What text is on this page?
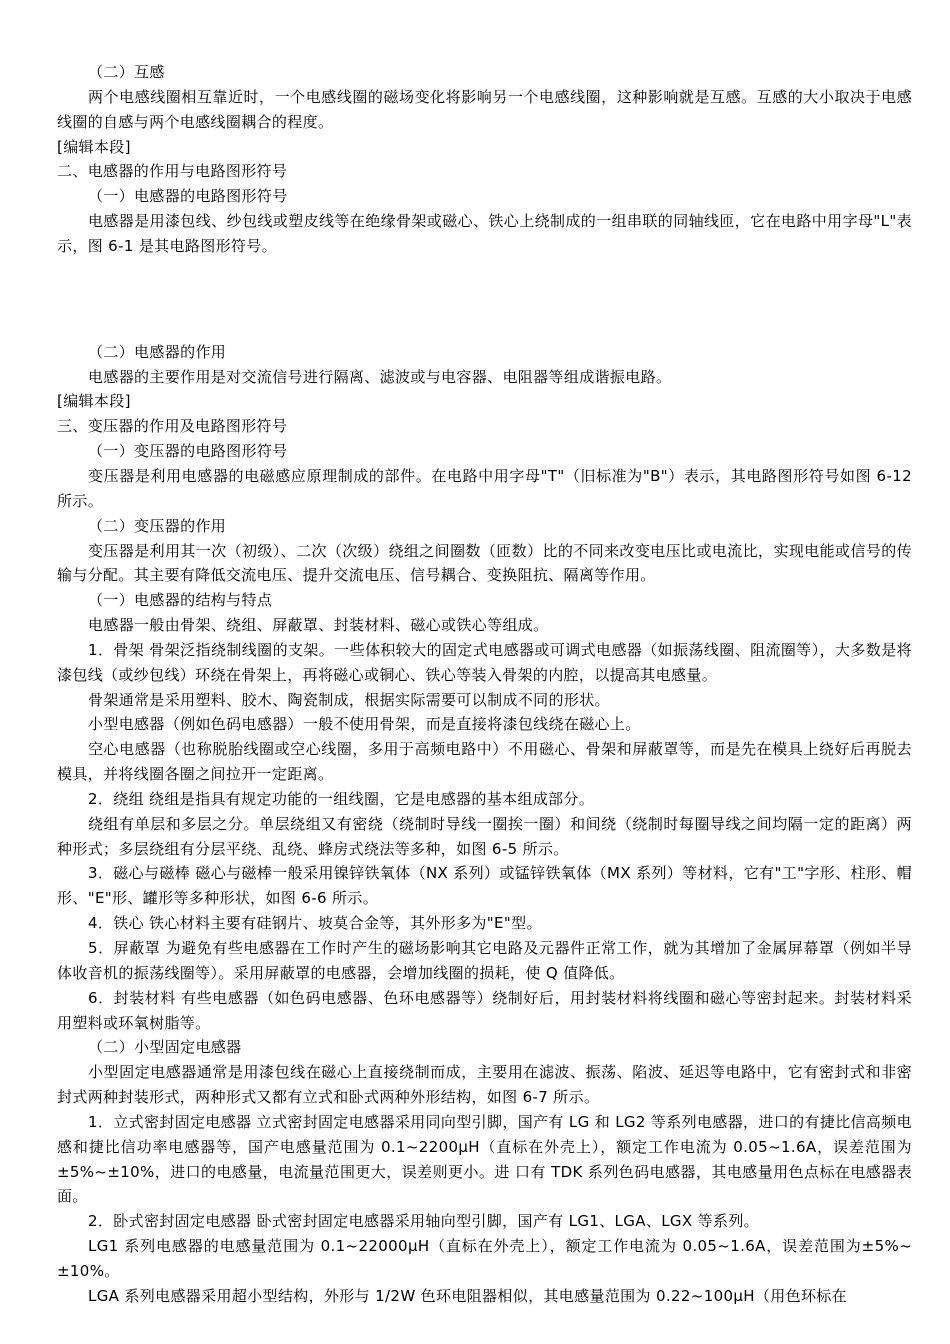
（二）互感

两个电感线圈相互靠近时，一个电感线圈的磁场变化将影响另一个电感线圈，这种影响就是互感。互感的大小取决于电感线圈的自感与两个电感线圈耦合的程度。

[编辑本段]

二、电感器的作用与电路图形符号

（一）电感器的电路图形符号

电感器是用漆包线、纱包线或塑皮线等在绝缘骨架或磁心、铁心上绕制成的一组串联的同轴线匝，它在电路中用字母"L"表示，图 6-1 是其电路图形符号。

（二）电感器的作用

电感器的主要作用是对交流信号进行隔离、滤波或与电容器、电阻器等组成谐振电路。

[编辑本段]

三、变压器的作用及电路图形符号

（一）变压器的电路图形符号

变压器是利用电感器的电磁感应原理制成的部件。在电路中用字母"T"（旧标准为"B"）表示，其电路图形符号如图 6-12 所示。

（二）变压器的作用

变压器是利用其一次（初级）、二次（次级）绕组之间圈数（匝数）比的不同来改变电压比或电流比，实现电能或信号的传输与分配。其主要有降低交流电压、提升交流电压、信号耦合、变换阻抗、隔离等作用。

（一）电感器的结构与特点

电感器一般由骨架、绕组、屏蔽罩、封装材料、磁心或铁心等组成。

1．骨架 骨架泛指绕制线圈的支架。一些体积较大的固定式电感器或可调式电感器（如振荡线圈、阻流圈等），大多数是将漆包线（或纱包线）环绕在骨架上，再将磁心或铜心、铁心等装入骨架的内腔，以提高其电感量。

骨架通常是采用塑料、胶木、陶瓷制成，根据实际需要可以制成不同的形状。

小型电感器（例如色码电感器）一般不使用骨架，而是直接将漆包线绕在磁心上。

空心电感器（也称脱胎线圈或空心线圈，多用于高频电路中）不用磁心、骨架和屏蔽罩等，而是先在模具上绕好后再脱去模具，并将线圈各圈之间拉开一定距离。

2．绕组 绕组是指具有规定功能的一组线圈，它是电感器的基本组成部分。

绕组有单层和多层之分。单层绕组又有密绕（绕制时导线一圈挨一圈）和间绕（绕制时每圈导线之间均隔一定的距离）两种形式；多层绕组有分层平绕、乱绕、蜂房式绕法等多种，如图 6-5 所示。

3．磁心与磁棒 磁心与磁棒一般采用镍锌铁氧体（NX 系列）或锰锌铁氧体（MX 系列）等材料，它有"工"字形、柱形、帽形、"E"形、罐形等多种形状，如图 6-6 所示。

4．铁心 铁心材料主要有硅钢片、坡莫合金等，其外形多为"E"型。

5．屏蔽罩 为避免有些电感器在工作时产生的磁场影响其它电路及元器件正常工作，就为其增加了金属屏幕罩（例如半导体收音机的振荡线圈等）。采用屏蔽罩的电感器，会增加线圈的损耗，使 Q 值降低。

6．封装材料 有些电感器（如色码电感器、色环电感器等）绕制好后，用封装材料将线圈和磁心等密封起来。封装材料采用塑料或环氧树脂等。

（二）小型固定电感器

小型固定电感器通常是用漆包线在磁心上直接绕制而成，主要用在滤波、振荡、陷波、延迟等电路中，它有密封式和非密封式两种封装形式，两种形式又都有立式和卧式两种外形结构，如图 6-7 所示。

1．立式密封固定电感器 立式密封固定电感器采用同向型引脚，国产有 LG 和 LG2 等系列电感器，进口的有捷比信高频电感和捷比信功率电感器等，国产电感量范围为 0.1~2200μH（直标在外壳上），额定工作电流为 0.05~1.6A，误差范围为±5%~±10%，进口的电感量，电流量范围更大，误差则更小。进 口有 TDK 系列色码电感器，其电感量用色点标在电感器表面。

2．卧式密封固定电感器 卧式密封固定电感器采用轴向型引脚，国产有 LG1、LGA、LGX 等系列。

LG1 系列电感器的电感量范围为 0.1~22000μH（直标在外壳上），额定工作电流为 0.05~1.6A，误差范围为±5%~±10%。

LGA 系列电感器采用超小型结构，外形与 1/2W 色环电阻器相似，其电感量范围为 0.22~100μH（用色环标在
